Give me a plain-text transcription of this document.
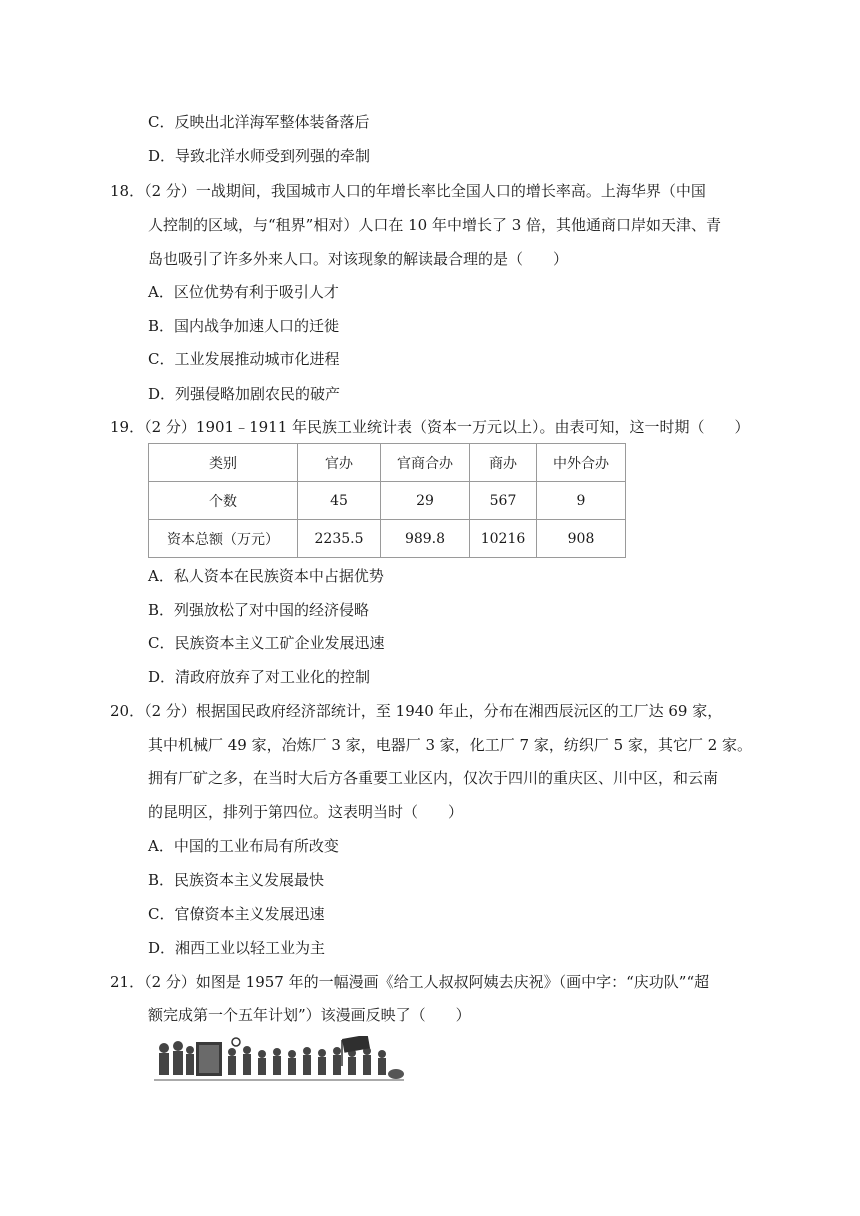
C．反映出北洋海军整体装备落后
D．导致北洋水师受到列强的牵制
18．（2 分）一战期间，我国城市人口的年增长率比全国人口的增长率高。上海华界（中国
人控制的区域，与“租界”相对）人口在 10 年中增长了 3 倍，其他通商口岸如天津、青
岛也吸引了许多外来人口。对该现象的解读最合理的是（　　）
A．区位优势有利于吸引人才
B．国内战争加速人口的迁徙
C．工业发展推动城市化进程
D．列强侵略加剧农民的破产
19．（2 分）1901﹣1911 年民族工业统计表（资本一万元以上）。由表可知，这一时期（　　）
类别	官办	官商合办	商办	中外合办
个数	45	29	567	9
资本总额（万元）	2235.5	989.8	10216	908
A．私人资本在民族资本中占据优势
B．列强放松了对中国的经济侵略
C．民族资本主义工矿企业发展迅速
D．清政府放弃了对工业化的控制
20．（2 分）根据国民政府经济部统计，至 1940 年止，分布在湘西辰沅区的工厂达 69 家，
其中机械厂 49 家，冶炼厂 3 家，电器厂 3 家，化工厂 7 家，纺织厂 5 家，其它厂 2 家。
拥有厂矿之多，在当时大后方各重要工业区内，仅次于四川的重庆区、川中区，和云南
的昆明区，排列于第四位。这表明当时（　　）
A．中国的工业布局有所改变
B．民族资本主义发展最快
C．官僚资本主义发展迅速
D．湘西工业以轻工业为主
21．（2 分）如图是 1957 年的一幅漫画《给工人叔叔阿姨去庆祝》（画中字：“庆功队”“超
额完成第一个五年计划”）该漫画反映了（　　）
